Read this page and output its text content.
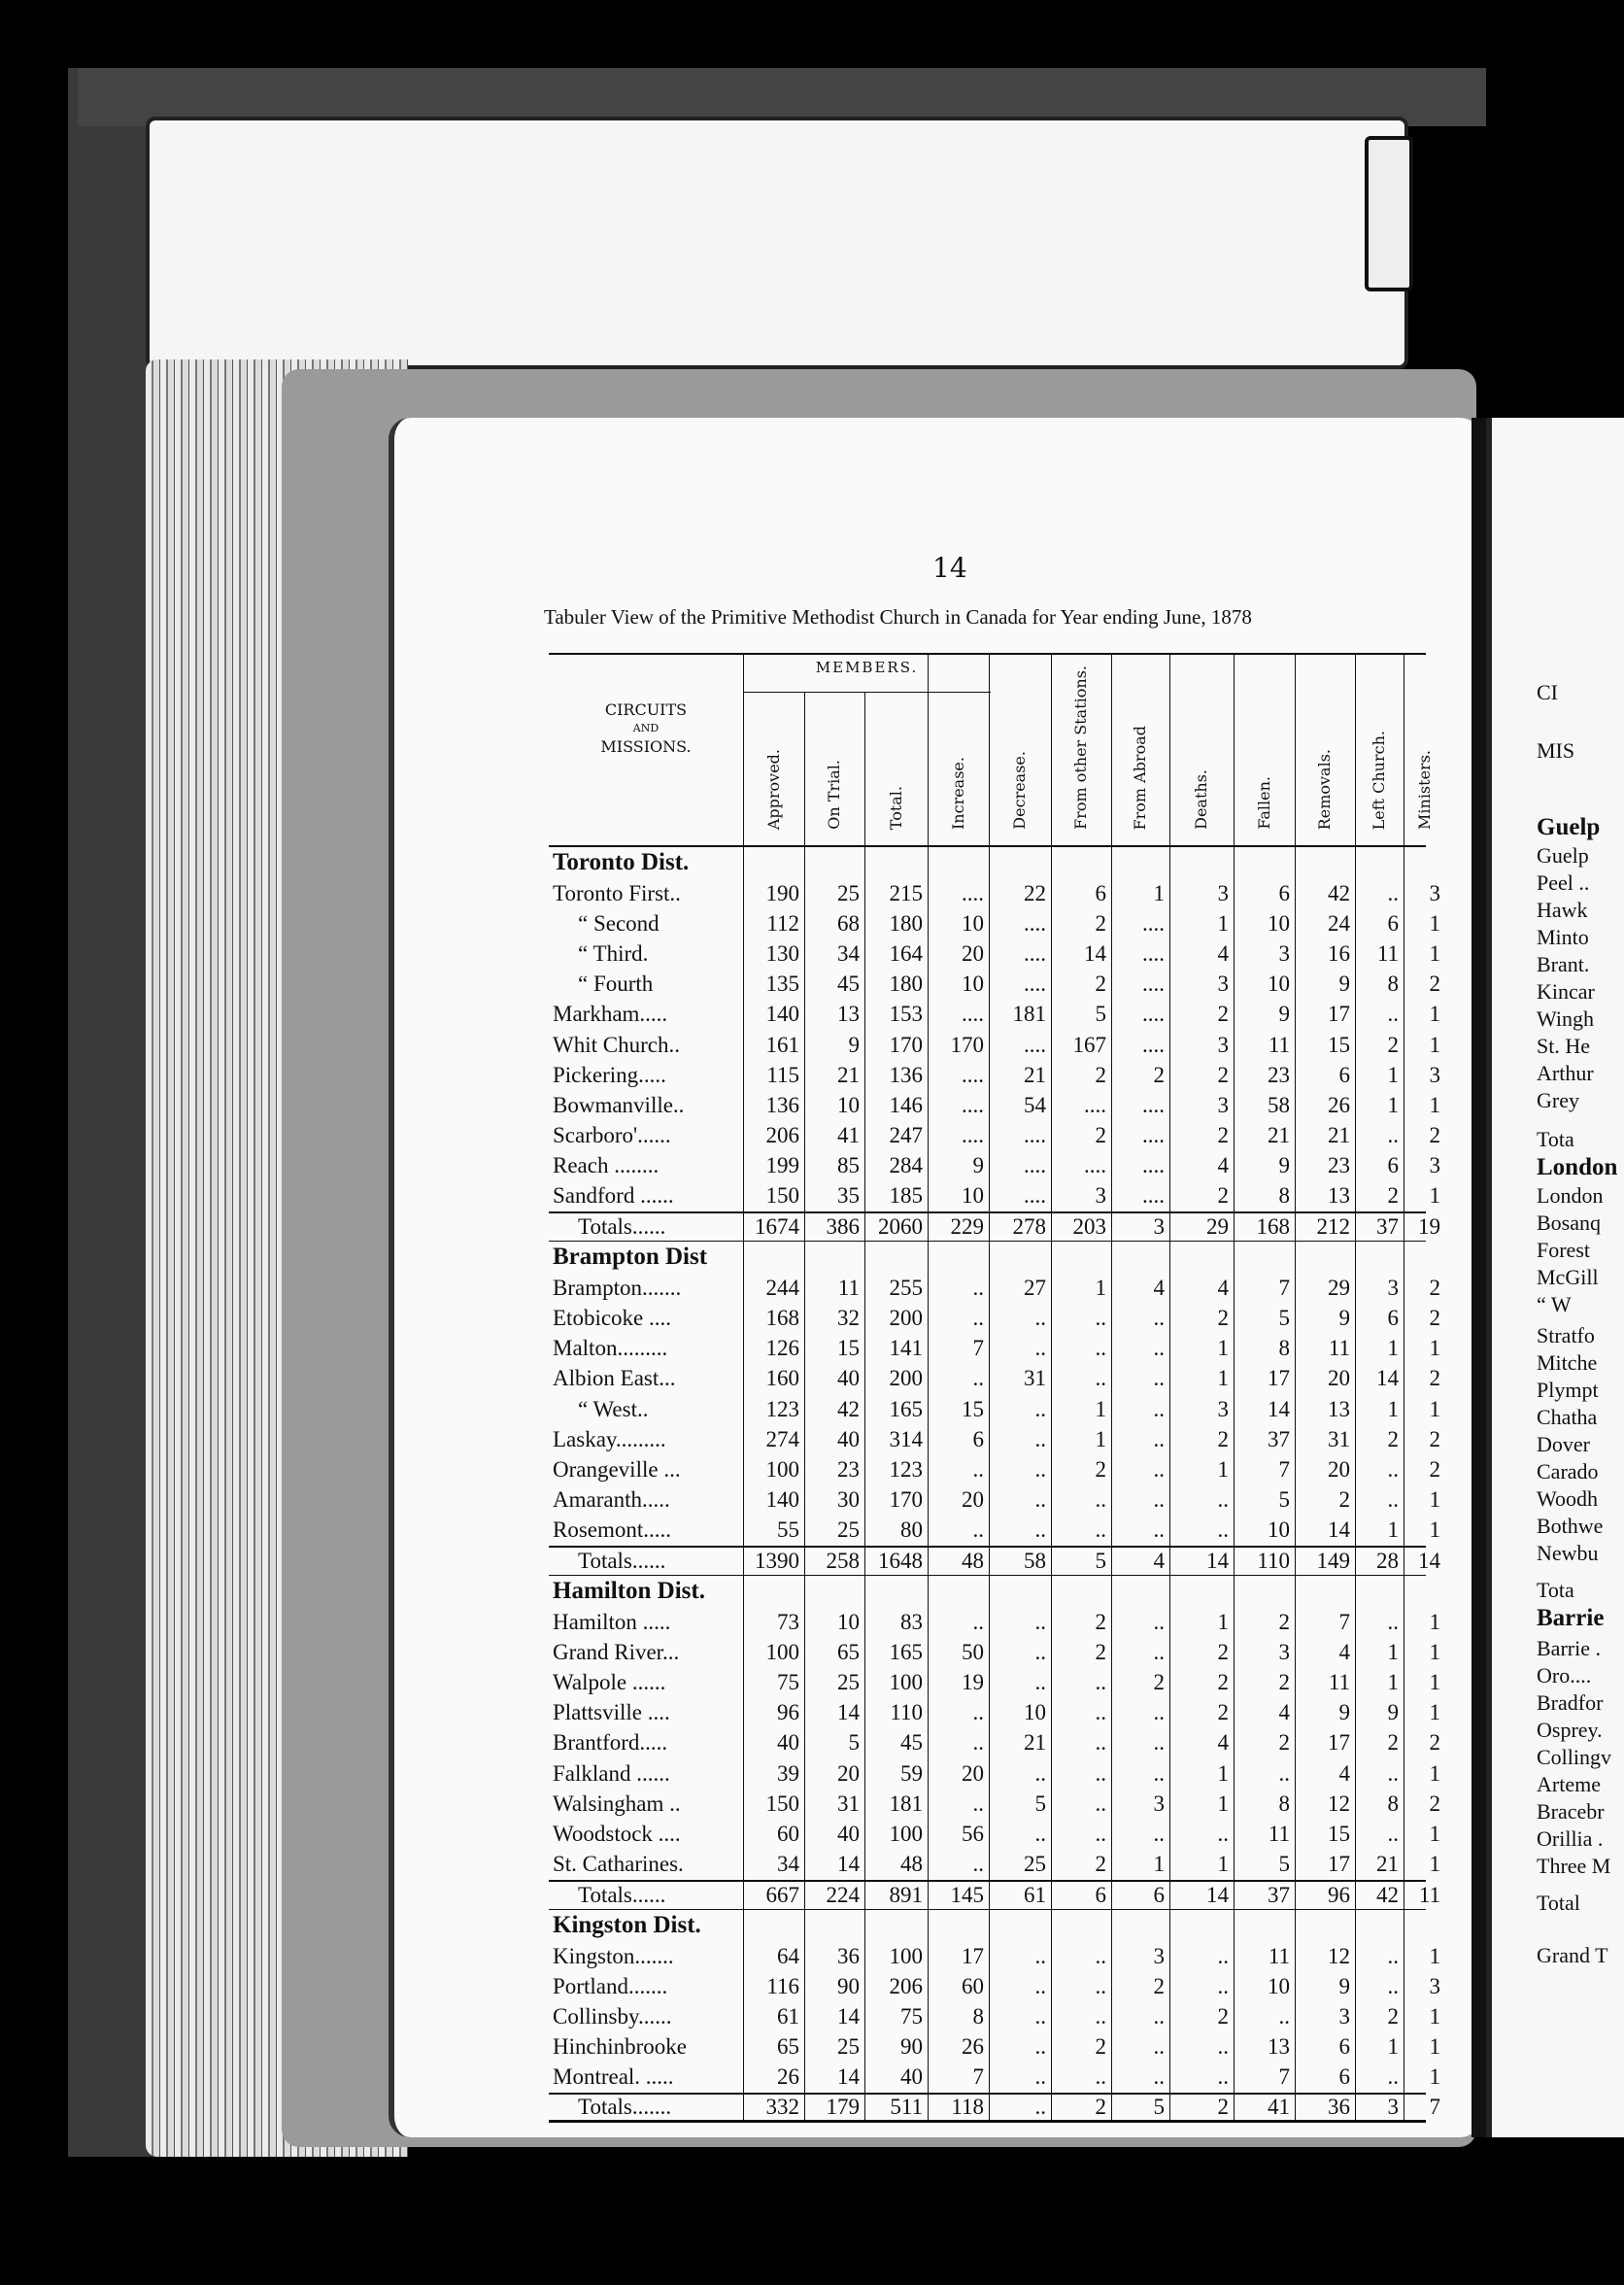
14
Tabuler View of the Primitive Methodist Church in Canada for Year ending June, 1878
CIRCUITS
AND
MISSIONS.
MEMBERS.
Approved.	On Trial.	Total.	Increase.	Decrease.	From other Stations.	From Abroad	Deaths.	Fallen.	Removals. Left Church. Ministers.
Toronto Dist.
Toronto First..	190	25	215	....	22	6	1	3	6	42	..	3
“ Second	112	68	180	10	....	2	....	1	10	24	6	1
“ Third.	130	34	164	20	....	14	....	4	3	16	11	1
“ Fourth	135	45	180	10	....	2	....	3	10	9	8	2
Markham.....	140	13	153	....	181	5	....	2	9	17	..	1
Whit Church..	161	9	170	170	....	167	....	3	11	15	2	1
Pickering.....	115	21	136	....	21	2	2	2	23	6	1	3
Bowmanville..	136	10	146	....	54	....	....	3	58	26	1	1
Scarboro'......	206	41	247	....	....	2	....	2	21	21	..	2
Reach ........	199	85	284	9	....	....	....	4	9	23	6	3
Sandford ......	150	35	185	10	....	3	....	2	8	13	2	1
Totals......	1674	386 2060	229	278	203	3	29	168	212	37 19
Brampton Dist
Brampton.......	244	11	255	..	27	1	4	4	7	29	3	2
Etobicoke ....	168	32	200	..	..	..	..	2	5	9	6	2
Malton.........	126	15	141	7	..	..	..	1	8	11	1	1
Albion East...	160	40	200	..	31	..	..	1	17	20	14	2
“ West..	123	42	165	15	..	1	..	3	14	13	1	1
Laskay.........	274	40	314	6	..	1	..	2	37	31	2	2
Orangeville ...	100	23	123	..	..	2	..	1	7	20	..	2
Amaranth.....	140	30	170	20	..	..	..	..	5	2	..	1
Rosemont.....	55	25	80	..	..	..	..	..	10	14	1	1
Totals......	1390	258 1648	48	58	5	4	14	110	149	28 14
Hamilton Dist.
Hamilton .....	73	10	83	..	..	2	..	1	2	7	..	1
Grand River...	100	65	165	50	..	2	..	2	3	4	1	1
Walpole ......	75	25	100	19	..	..	2	2	2	11	1	1
Plattsville ....	96	14	110	..	10	..	..	2	4	9	9	1
Brantford.....	40	5	45	..	21	..	..	4	2	17	2	2
Falkland ......	39	20	59	20	..	..	..	1	..	4	..	1
Walsingham ..	150	31	181	..	5	..	3	1	8	12	8	2
Woodstock ....	60	40	100	56	..	..	..	..	11	15	..	1
St. Catharines.	34	14	48	..	25	2	1	1	5	17	21	1
Totals......	667	224	891	145	61	6	6	14	37	96	42 11
Kingston Dist.
Kingston.......	64	36	100	17	..	..	3	..	11	12	..	1
Portland.......	116	90	206	60	..	..	2	..	10	9	..	3
Collinsby......	61	14	75	8	..	..	..	2	..	3	2	1
Hinchinbrooke	65	25	90	26	..	2	..	..	13	6	1	1
Montreal. .....	26	14	40	7	..	..	..	..	7	6	..	1
Totals.......	332	179	511	118	..	2	5	2	41	36	3	7
CI
MIS
Guelp
Guelp
Peel ..
Hawk
Minto
Brant.
Kincar
Wingh
St. He
Arthur
Grey
Tota
London
London
Bosanq
Forest
McGill
“ W
Stratfo
Mitche
Plympt
Chatha
Dover
Carado
Woodh
Bothwe
Newbu
Tota
Barrie
Barrie .
Oro....
Bradfor
Osprey.
Collingv
Arteme
Bracebr
Orillia .
Three M
Total
Grand T
